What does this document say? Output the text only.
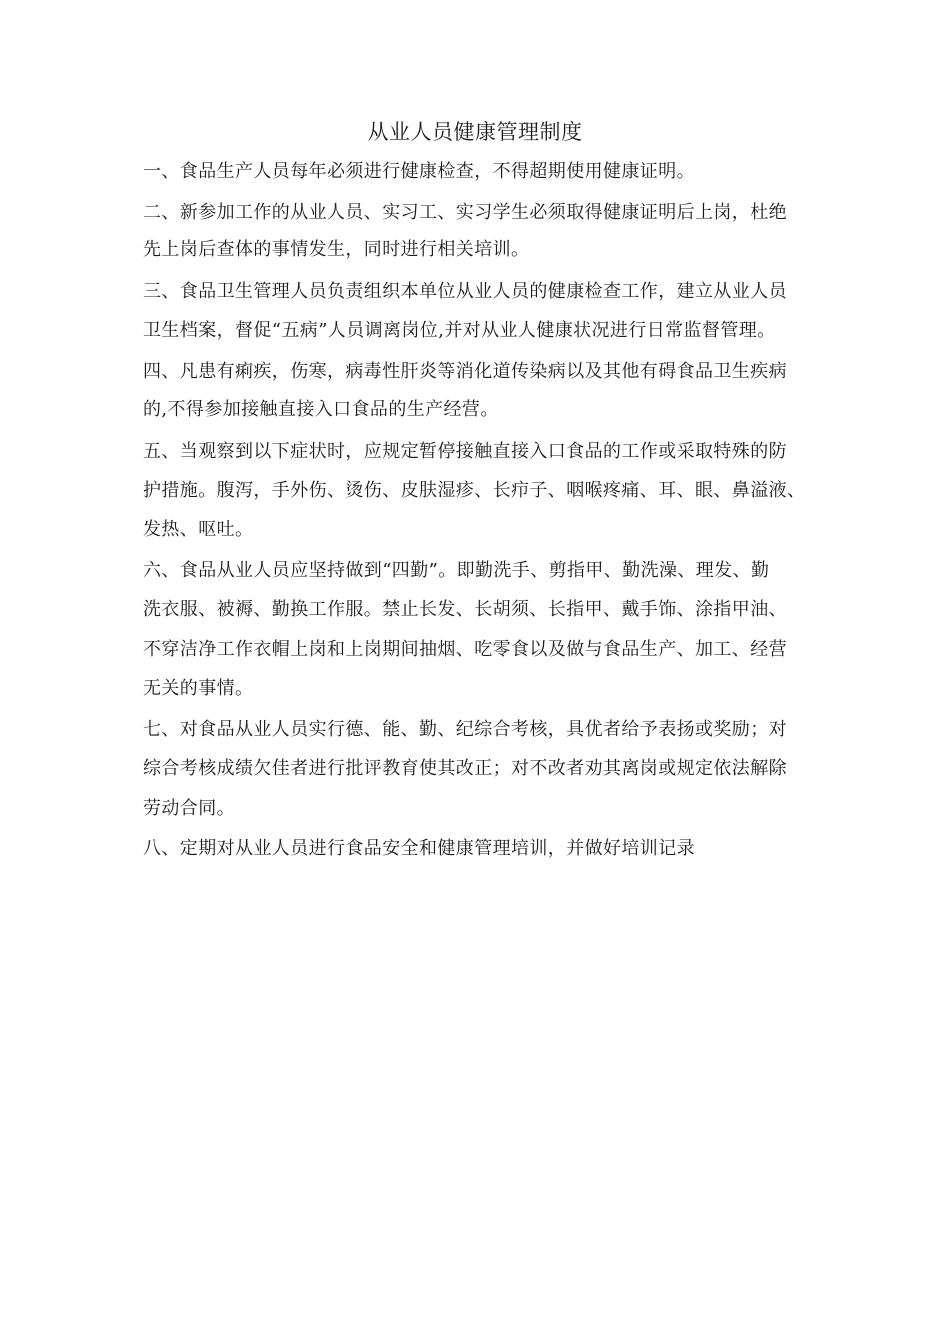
从业人员健康管理制度
一、食品生产人员每年必须进行健康检查，不得超期使用健康证明。
二、新参加工作的从业人员、实习工、实习学生必须取得健康证明后上岗，杜绝
先上岗后查体的事情发生，同时进行相关培训。
三、食品卫生管理人员负责组织本单位从业人员的健康检查工作，建立从业人员
卫生档案，督促“五病”人员调离岗位,并对从业人健康状况进行日常监督管理。
四、凡患有痢疾，伤寒，病毒性肝炎等消化道传染病以及其他有碍食品卫生疾病
的,不得参加接触直接入口食品的生产经营。
五、当观察到以下症状时，应规定暂停接触直接入口食品的工作或采取特殊的防
护措施。腹泻，手外伤、烫伤、皮肤湿疹、长疖子、咽喉疼痛、耳、眼、鼻溢液、
发热、呕吐。
六、食品从业人员应坚持做到“四勤”。即勤洗手、剪指甲、勤洗澡、理发、勤
洗衣服、被褥、勤换工作服。禁止长发、长胡须、长指甲、戴手饰、涂指甲油、
不穿洁净工作衣帽上岗和上岗期间抽烟、吃零食以及做与食品生产、加工、经营
无关的事情。
七、对食品从业人员实行德、能、勤、纪综合考核，具优者给予表扬或奖励；对
综合考核成绩欠佳者进行批评教育使其改正；对不改者劝其离岗或规定依法解除
劳动合同。
八、定期对从业人员进行食品安全和健康管理培训，并做好培训记录
